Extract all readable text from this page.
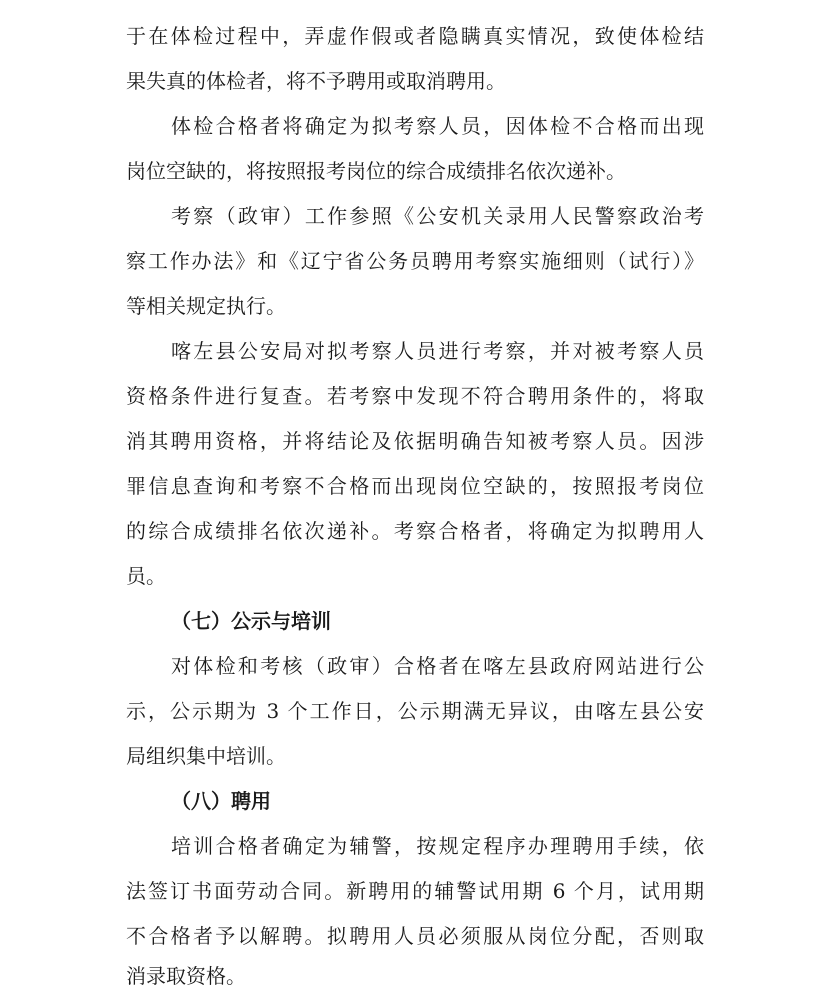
于在体检过程中，弄虚作假或者隐瞒真实情况，致使体检结
果失真的体检者，将不予聘用或取消聘用。
体检合格者将确定为拟考察人员，因体检不合格而出现
岗位空缺的，将按照报考岗位的综合成绩排名依次递补。
考察（政审）工作参照《公安机关录用人民警察政治考
察工作办法》和《辽宁省公务员聘用考察实施细则（试行）》
等相关规定执行。
喀左县公安局对拟考察人员进行考察，并对被考察人员
资格条件进行复查。若考察中发现不符合聘用条件的，将取
消其聘用资格，并将结论及依据明确告知被考察人员。因涉
罪信息查询和考察不合格而出现岗位空缺的，按照报考岗位
的综合成绩排名依次递补。考察合格者，将确定为拟聘用人
员。
（七）公示与培训
对体检和考核（政审）合格者在喀左县政府网站进行公
示，公示期为 3 个工作日，公示期满无异议，由喀左县公安
局组织集中培训。
（八）聘用
培训合格者确定为辅警，按规定程序办理聘用手续，依
法签订书面劳动合同。新聘用的辅警试用期 6 个月，试用期
不合格者予以解聘。拟聘用人员必须服从岗位分配，否则取
消录取资格。
